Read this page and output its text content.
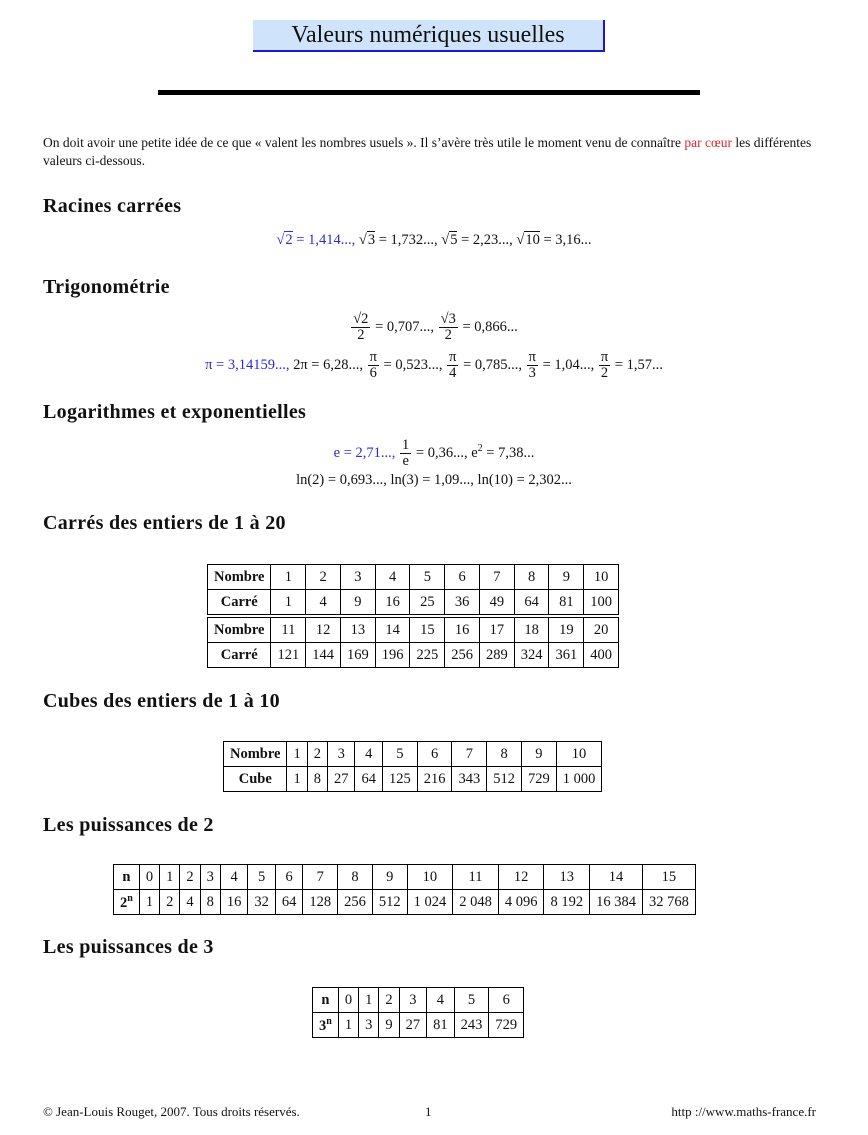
Valeurs numériques usuelles
On doit avoir une petite idée de ce que « valent les nombres usuels ». Il s’avère très utile le moment venu de connaître par cœur les différentes valeurs ci-dessous.
Racines carrées
√2 = 1,414..., √3 = 1,732..., √5 = 2,23..., √10 = 3,16...
Trigonométrie
$\frac{√2}{2} = 0,707$..., $\frac{√3}{2} = 0,866$...
π = 3,14159..., 2π = 6,28..., $\frac{\pi}{6} = 0,523$..., $\frac{\pi}{4} = 0,785$..., $\frac{\pi}{3} = 1,04$..., $\frac{\pi}{2} = 1,57$...
Logarithmes et exponentielles
e = 2,71..., $\frac{1}{e} = 0,36$..., $e^2 = 7,38$...
ln(2) = 0,693..., ln(3) = 1,09..., ln(10) = 2,302...
Carrés des entiers de 1 à 20
Nombre	1	2	3	4	5	6	7	8	9	10
Carré	1	4	9	16	25	36	49	64	81	100
Nombre	11	12	13	14	15	16	17	18	19	20
Carré	121	144	169	196	225	256	289	324	361	400
Cubes des entiers de 1 à 10
Nombre	1	2	3	4	5	6	7	8	9	10
Cube	1	8	27	64	125	216	343	512	729	1 000
Les puissances de 2
n	0	1	2	3	4	5	6	7	8	9	10	11	12	13	14	15
2$^n$	1	2	4	8	16	32	64	128	256	512	1 024	2 048	4 096	8 192	16 384	32 768
Les puissances de 3
n	0	1	2	3	4	5	6
3$^n$	1	3	9	27	81	243	729
© Jean-Louis Rouget, 2007. Tous droits réservés.	1	http ://www.maths-france.fr
